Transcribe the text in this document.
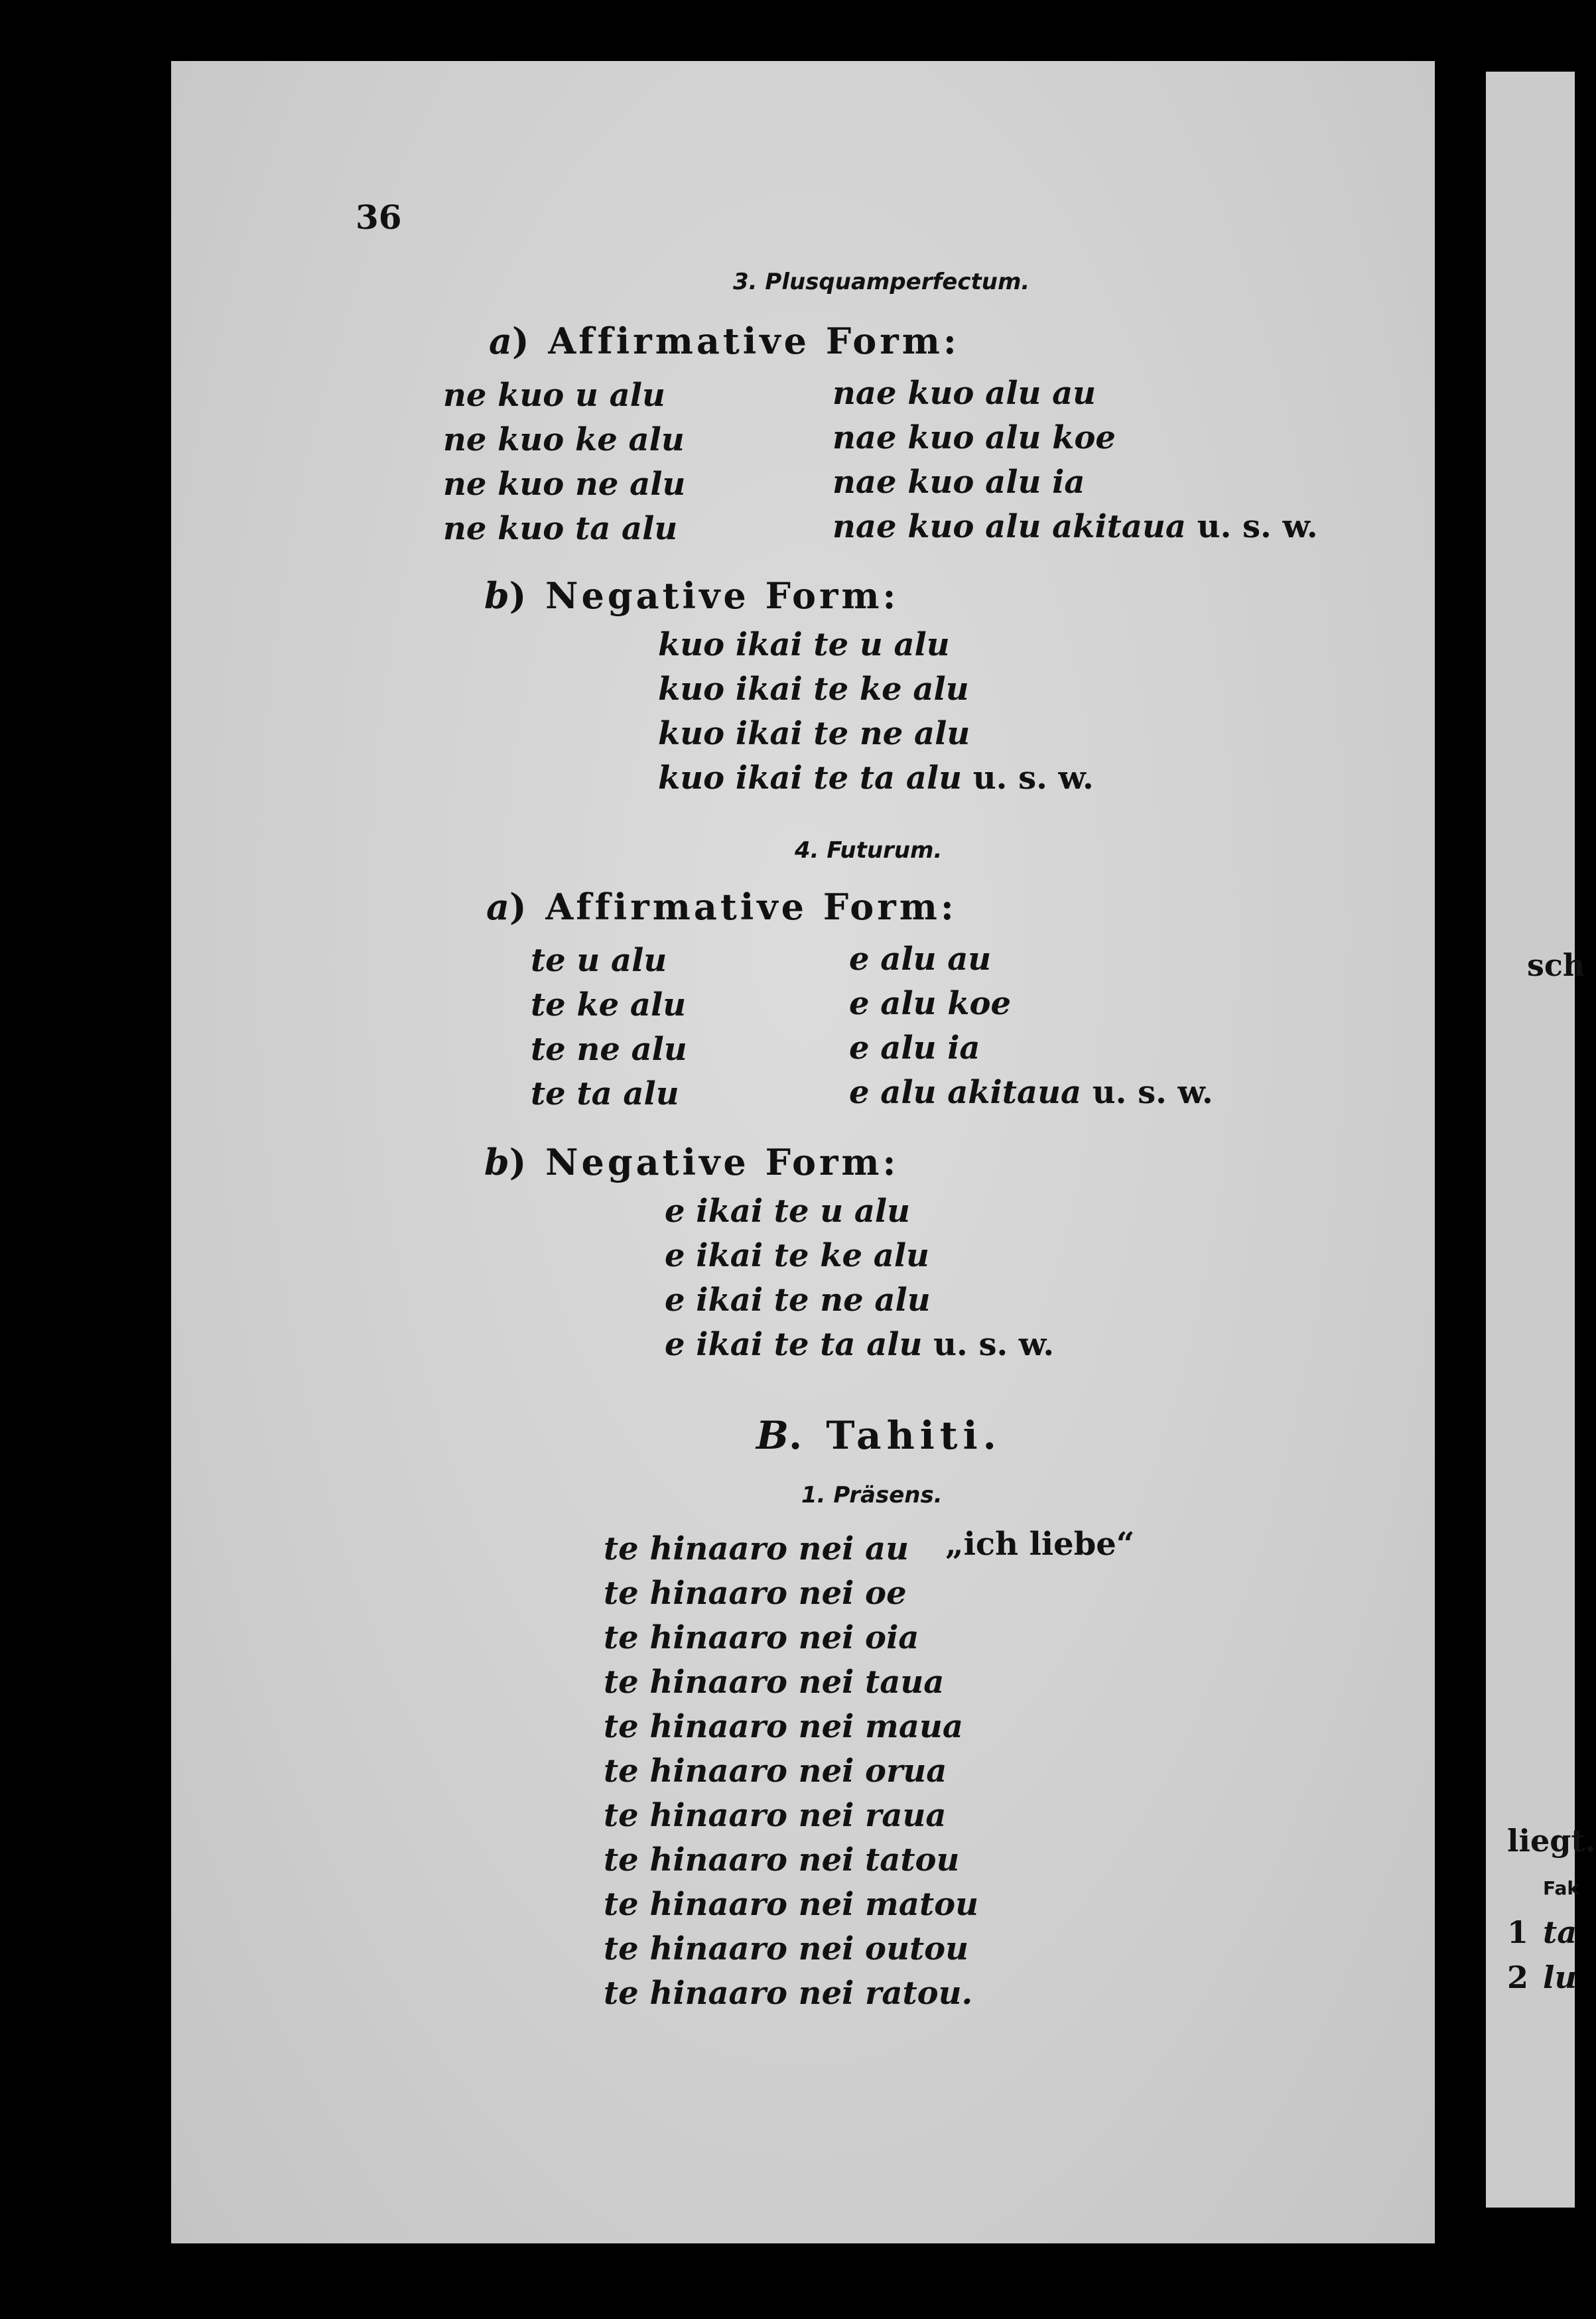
sch
liegt.
Fak
1 ta
2 lu
36
3. Plusquamperfectum.
a) Affirmative Form:
ne kuo u alu
ne kuo ke alu
ne kuo ne alu
ne kuo ta alu
nae kuo alu au
nae kuo alu koe
nae kuo alu ia
nae kuo alu akitaua u. s. w.
b) Negative Form:
kuo ikai te u alu
kuo ikai te ke alu
kuo ikai te ne alu
kuo ikai te ta alu u. s. w.
4. Futurum.
a) Affirmative Form:
te u alu
te ke alu
te ne alu
te ta alu
e alu au
e alu koe
e alu ia
e alu akitaua u. s. w.
b) Negative Form:
e ikai te u alu
e ikai te ke alu
e ikai te ne alu
e ikai te ta alu u. s. w.
B. Tahiti.
1. Präsens.
„ich liebe“
te hinaaro nei au
te hinaaro nei oe
te hinaaro nei oia
te hinaaro nei taua
te hinaaro nei maua
te hinaaro nei orua
te hinaaro nei raua
te hinaaro nei tatou
te hinaaro nei matou
te hinaaro nei outou
te hinaaro nei ratou.
